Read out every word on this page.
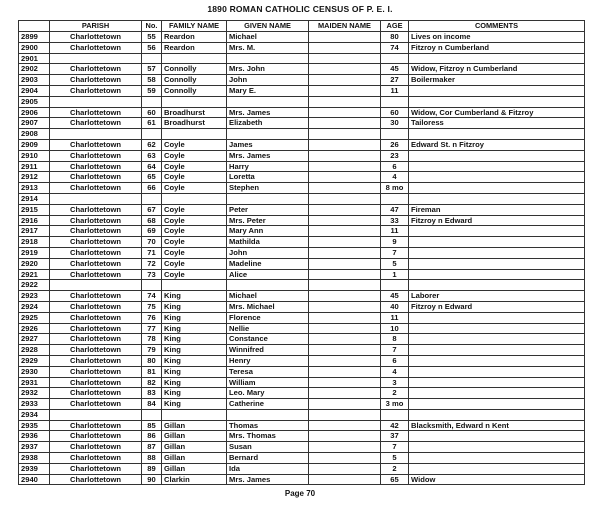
1890 ROMAN CATHOLIC CENSUS OF P. E. I.
	PARISH	No.	FAMILY NAME	GIVEN NAME	MAIDEN NAME	AGE	COMMENTS
2899	Charlottetown	55	Reardon	Michael		80	Lives on income
2900	Charlottetown	56	Reardon	Mrs. M.		74	Fitzroy n Cumberland
2901							
2902	Charlottetown	57	Connolly	Mrs. John		45	Widow, Fitzroy n Cumberland
2903	Charlottetown	58	Connolly	John		27	Boilermaker
2904	Charlottetown	59	Connolly	Mary E.		11	
2905							
2906	Charlottetown	60	Broadhurst	Mrs. James		60	Widow, Cor Cumberland & Fitzroy
2907	Charlottetown	61	Broadhurst	Elizabeth		30	Tailoress
2908							
2909	Charlottetown	62	Coyle	James		26	Edward St. n Fitzroy
2910	Charlottetown	63	Coyle	Mrs. James		23	
2911	Charlottetown	64	Coyle	Harry		6	
2912	Charlottetown	65	Coyle	Loretta		4	
2913	Charlottetown	66	Coyle	Stephen		8 mo	
2914							
2915	Charlottetown	67	Coyle	Peter		47	Fireman
2916	Charlottetown	68	Coyle	Mrs. Peter		33	Fitzroy n Edward
2917	Charlottetown	69	Coyle	Mary Ann		11	
2918	Charlottetown	70	Coyle	Mathilda		9	
2919	Charlottetown	71	Coyle	John		7	
2920	Charlottetown	72	Coyle	Madeline		5	
2921	Charlottetown	73	Coyle	Alice		1	
2922							
2923	Charlottetown	74	King	Michael		45	Laborer
2924	Charlottetown	75	King	Mrs. Michael		40	Fitzroy n Edward
2925	Charlottetown	76	King	Florence		11	
2926	Charlottetown	77	King	Nellie		10	
2927	Charlottetown	78	King	Constance		8	
2928	Charlottetown	79	King	Winnifred		7	
2929	Charlottetown	80	King	Henry		6	
2930	Charlottetown	81	King	Teresa		4	
2931	Charlottetown	82	King	William		3	
2932	Charlottetown	83	King	Leo. Mary		2	
2933	Charlottetown	84	King	Catherine		3 mo	
2934							
2935	Charlottetown	85	Gillan	Thomas		42	Blacksmith, Edward n Kent
2936	Charlottetown	86	Gillan	Mrs. Thomas		37	
2937	Charlottetown	87	Gillan	Susan		7	
2938	Charlottetown	88	Gillan	Bernard		5	
2939	Charlottetown	89	Gillan	Ida		2	
2940	Charlottetown	90	Clarkin	Mrs. James		65	Widow
Page 70
